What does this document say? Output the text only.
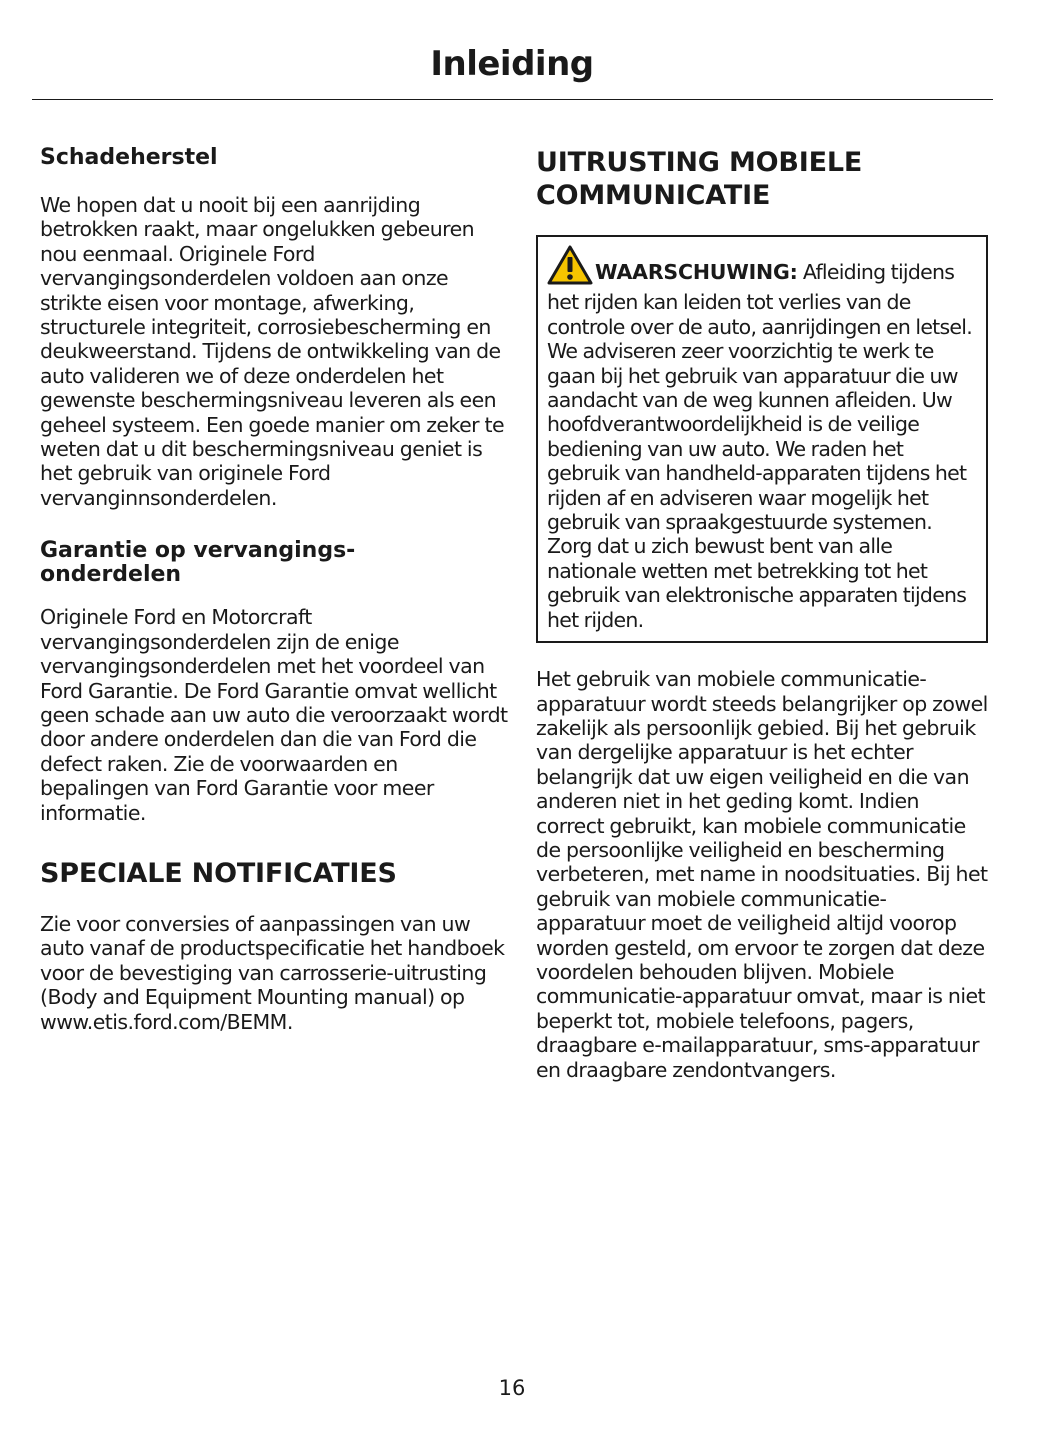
Inleiding
Schadeherstel

We hopen dat u nooit bij een aanrijding betrokken raakt, maar ongelukken gebeuren nou eenmaal. Originele Ford vervangingsonderdelen voldoen aan onze strikte eisen voor montage, afwerking, structurele integriteit, corrosiebescherming en deukweerstand. Tijdens de ontwikkeling van de auto valideren we of deze onderdelen het gewenste beschermingsniveau leveren als een geheel systeem. Een goede manier om zeker te weten dat u dit beschermingsniveau geniet is het gebruik van originele Ford vervanginnsonderdelen.

Garantie op vervangings-
onderdelen

Originele Ford en Motorcraft vervangingsonderdelen zijn de enige vervangingsonderdelen met het voordeel van Ford Garantie. De Ford Garantie omvat wellicht geen schade aan uw auto die veroorzaakt wordt door andere onderdelen dan die van Ford die defect raken. Zie de voorwaarden en bepalingen van Ford Garantie voor meer informatie.

SPECIALE NOTIFICATIES

Zie voor conversies of aanpassingen van uw auto vanaf de productspecificatie het handboek voor de bevestiging van carrosserie-uitrusting (Body and Equipment Mounting manual) op www.etis.ford.com/BEMM.

UITRUSTING MOBIELE
COMMUNICATIE

WAARSCHUWING: Afleiding tijdens het rijden kan leiden tot verlies van de controle over de auto, aanrijdingen en letsel. We adviseren zeer voorzichtig te werk te gaan bij het gebruik van apparatuur die uw aandacht van de weg kunnen afleiden. Uw hoofdverantwoordelijkheid is de veilige bediening van uw auto. We raden het gebruik van handheld-apparaten tijdens het rijden af en adviseren waar mogelijk het gebruik van spraakgestuurde systemen. Zorg dat u zich bewust bent van alle nationale wetten met betrekking tot het gebruik van elektronische apparaten tijdens het rijden.

Het gebruik van mobiele communicatie-apparatuur wordt steeds belangrijker op zowel zakelijk als persoonlijk gebied. Bij het gebruik van dergelijke apparatuur is het echter belangrijk dat uw eigen veiligheid en die van anderen niet in het geding komt. Indien correct gebruikt, kan mobiele communicatie de persoonlijke veiligheid en bescherming verbeteren, met name in noodsituaties. Bij het gebruik van mobiele communicatie-apparatuur moet de veiligheid altijd voorop worden gesteld, om ervoor te zorgen dat deze voordelen behouden blijven. Mobiele communicatie-apparatuur omvat, maar is niet beperkt tot, mobiele telefoons, pagers, draagbare e-mailapparatuur, sms-apparatuur en draagbare zendontvangers.

16
